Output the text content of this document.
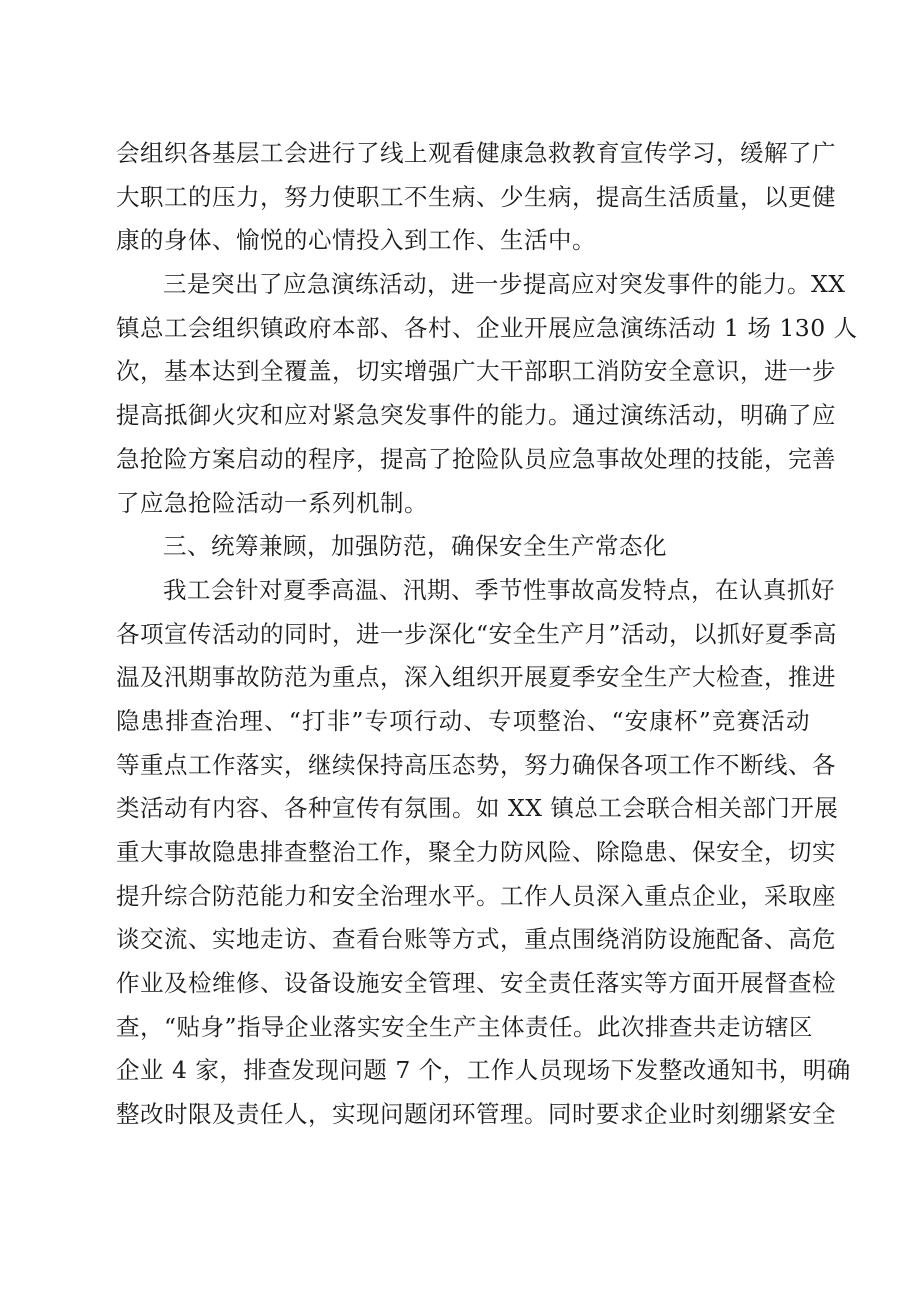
会组织各基层工会进行了线上观看健康急救教育宣传学习，缓解了广
大职工的压力，努力使职工不生病、少生病，提高生活质量，以更健
康的身体、愉悦的心情投入到工作、生活中。
三是突出了应急演练活动，进一步提高应对突发事件的能力。XX
镇总工会组织镇政府本部、各村、企业开展应急演练活动 1 场 130 人
次，基本达到全覆盖，切实增强广大干部职工消防安全意识，进一步
提高抵御火灾和应对紧急突发事件的能力。通过演练活动，明确了应
急抢险方案启动的程序，提高了抢险队员应急事故处理的技能，完善
了应急抢险活动一系列机制。
三、统筹兼顾，加强防范，确保安全生产常态化
我工会针对夏季高温、汛期、季节性事故高发特点，在认真抓好
各项宣传活动的同时，进一步深化“安全生产月”活动，以抓好夏季高
温及汛期事故防范为重点，深入组织开展夏季安全生产大检查，推进
隐患排查治理、“打非”专项行动、专项整治、“安康杯”竞赛活动
等重点工作落实，继续保持高压态势，努力确保各项工作不断线、各
类活动有内容、各种宣传有氛围。如 XX 镇总工会联合相关部门开展
重大事故隐患排查整治工作，聚全力防风险、除隐患、保安全，切实
提升综合防范能力和安全治理水平。工作人员深入重点企业，采取座
谈交流、实地走访、查看台账等方式，重点围绕消防设施配备、高危
作业及检维修、设备设施安全管理、安全责任落实等方面开展督查检
查，“贴身”指导企业落实安全生产主体责任。此次排查共走访辖区
企业 4 家，排查发现问题 7 个，工作人员现场下发整改通知书，明确
整改时限及责任人，实现问题闭环管理。同时要求企业时刻绷紧安全
